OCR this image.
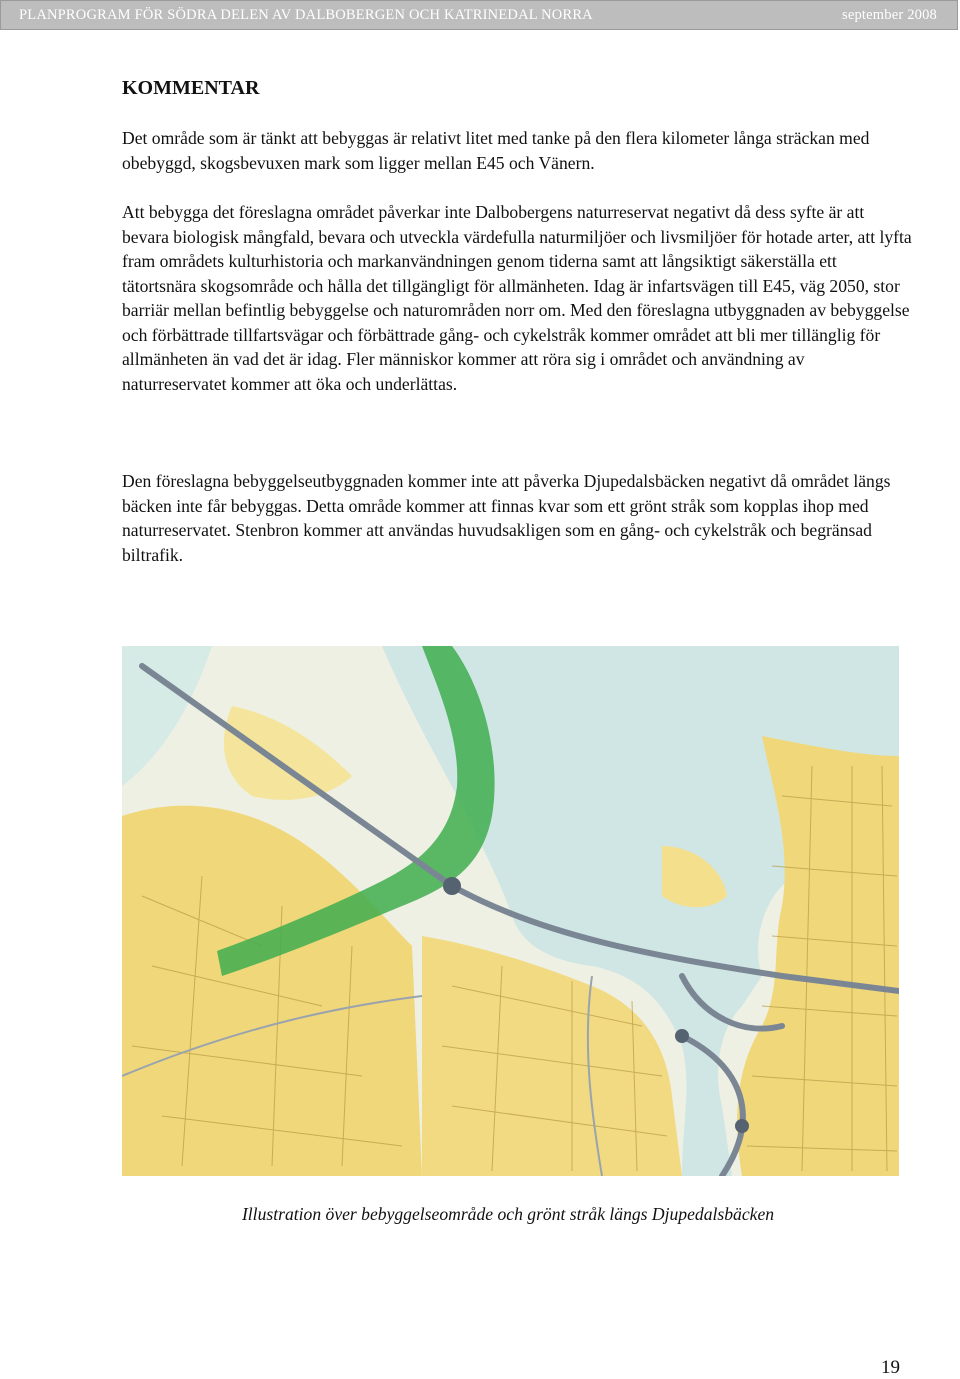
PLANPROGRAM FÖR SÖDRA DELEN AV DALBOBERGEN OCH KATRINEDAL NORRA	september 2008
KOMMENTAR

Det område som är tänkt att bebyggas är relativt litet med tanke på den flera kilometer långa sträckan med obebyggd, skogsbevuxen mark som ligger mellan E45 och Vänern.

Att bebygga det föreslagna området påverkar inte Dalbobergens naturreservat negativt då dess syfte är att bevara biologisk mångfald, bevara och utveckla värdefulla naturmiljöer och livsmiljöer för hotade arter, att lyfta fram områdets kulturhistoria och markanvändningen genom tiderna samt att långsiktigt säkerställa ett tätortsnära skogsområde och hålla det tillgängligt för allmänheten. Idag är infartsvägen till E45, väg 2050, stor barriär mellan befintlig bebyggelse och naturområden norr om. Med den föreslagna utbyggnaden av bebyggelse och förbättrade tillfartsvägar och förbättrade gång- och cykelstråk kommer området att bli mer tillänglig för allmänheten än vad det är idag. Fler människor kommer att röra sig i området och användning av naturreservatet kommer att öka och underlättas.

Den föreslagna bebyggelseutbyggnaden kommer inte att påverka Djupedalsbäcken negativt då området längs bäcken inte får bebyggas. Detta område kommer att finnas kvar som ett grönt stråk som kopplas ihop med naturreservatet. Stenbron kommer att användas huvudsakligen som en gång- och cykelstråk och begränsad biltrafik.

Illustration över bebyggelseområde och grönt stråk längs Djupedalsbäcken

19
